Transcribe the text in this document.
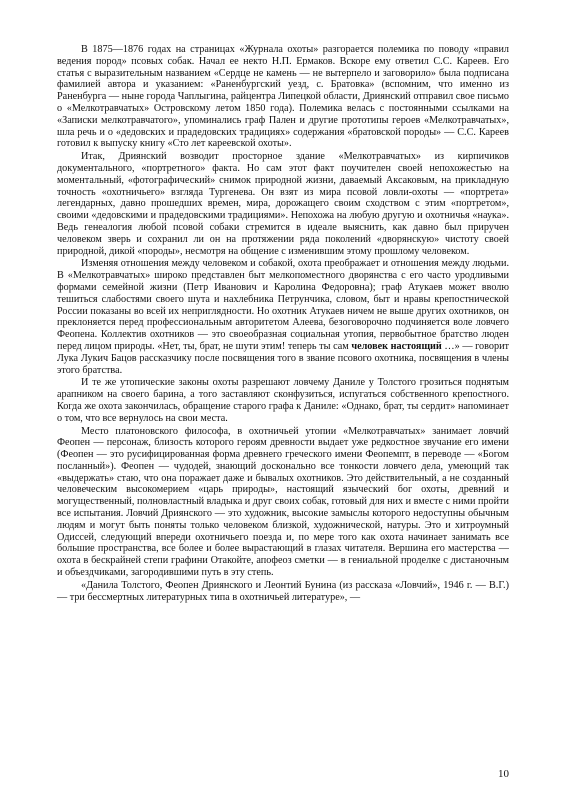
В 1875—1876 годах на страницах «Журнала охоты» разгорается полемика по поводу «правил ведения пород» псовых собак. Начал ее некто Н.П. Ермаков. Вскоре ему ответил С.С. Кареев. Его статья с выразительным названием «Сердце не камень — не вытерпело и заговорило» была подписана фамилией автора и указанием: «Раненбургский уезд, с. Братовка» (вспомним, что именно из Раненбурга — ныне города Чаплыгина, райцентра Липецкой области, Дриянский отправил свое письмо о «Мелкотравчатых» Островскому летом 1850 года). Полемика велась с постоянными ссылками на «Записки мелкотравчатого», упоминались граф Пален и другие прототипы героев «Мелкотравчатых», шла речь и о «дедовских и прадедовских традициях» содержания «братовской породы» — С.С. Кареев готовил к выпуску книгу «Сто лет кареевской охоты».

Итак, Дриянский возводит просторное здание «Мелкотравчатых» из кирпичиков документального, «портретного» факта. Но сам этот факт поучителен своей непохожестью на моментальный, «фотографический» снимок природной жизни, даваемый Аксаковым, на прикладную точность «охотничьего» взгляда Тургенева. Он взят из мира псовой ловли-охоты — «портрета» легендарных, давно прошедших времен, мира, дорожащего своим сходством с этим «портретом», своими «дедовскими и прадедовскими традициями». Непохожа на любую другую и охотничья «наука». Ведь генеалогия любой псовой собаки стремится в идеале выяснить, как давно был приручен человеком зверь и сохранил ли он на протяжении ряда поколений «дворянскую» чистоту своей природной, дикой «породы», несмотря на общение с изменившим этому прошлому человеком.

Изменяя отношения между человеком и собакой, охота преображает и отношения между людьми. В «Мелкотравчатых» широко представлен быт мелкопоместного дворянства с его часто уродливыми формами семейной жизни (Петр Иванович и Каролина Федоровна); граф Атукаев может вволю тешиться слабостями своего шута и нахлебника Петрунчика, словом, быт и нравы крепостнической России показаны во всей их неприглядности. Но охотник Атукаев ничем не выше других охотников, он преклоняется перед профессиональным авторитетом Алеева, безоговорочно подчиняется воле ловчего Феопена. Коллектив охотников — это своеобразная социальная утопия, первобытное братство люден перед лицом природы. «Нет, ты, брат, не шути этим! теперь ты сам человек настоящий …» — говорит Лука Лукич Бацов рассказчику после посвящения того в звание псового охотника, посвящения в члены этого братства.

И те же утопические законы охоты разрешают ловчему Даниле у Толстого грозиться поднятым арапником на своего барина, а того заставляют сконфузиться, испугаться собственного крепостного. Когда же охота закончилась, обращение старого графа к Даниле: «Однако, брат, ты сердит» напоминает о том, что все вернулось на свои места.

Место платоновского философа, в охотничьей утопии «Мелкотравчатых» занимает ловчий Феопен — персонаж, близость которого героям древности выдает уже редкостное звучание его имени (Феопен — это русифицированная форма древнего греческого имени Феопемпт, в переводе — «Богом посланный»). Феопен — чудодей, знающий досконально все тонкости ловчего дела, умеющий так «выдержать» стаю, что она поражает даже и бывалых охотников. Это действительный, а не созданный человеческим высокомерием «царь природы», настоящий языческий бог охоты, древний и могущественный, полновластный владыка и друг своих собак, готовый для них и вместе с ними пройти все испытания. Ловчий Дриянского — это художник, высокие замыслы которого недоступны обычным людям и могут быть поняты только человеком близкой, художнической, натуры. Это и хитроумный Одиссей, следующий впереди охотничьего поезда и, по мере того как охота начинает занимать все большие пространства, все более и более вырастающий в глазах читателя. Вершина его мастерства — охота в бескрайней степи графини Отакойте, апофеоз сметки — в гениальной проделке с дистаночным и объездчиками, загородившими путь в эту степь.

«Данила Толстого, Феопен Дриянского и Леонтий Бунина (из рассказа «Ловчий», 1946 г. — В.Г.) — три бессмертных литературных типа в охотничьей литературе», —

10
